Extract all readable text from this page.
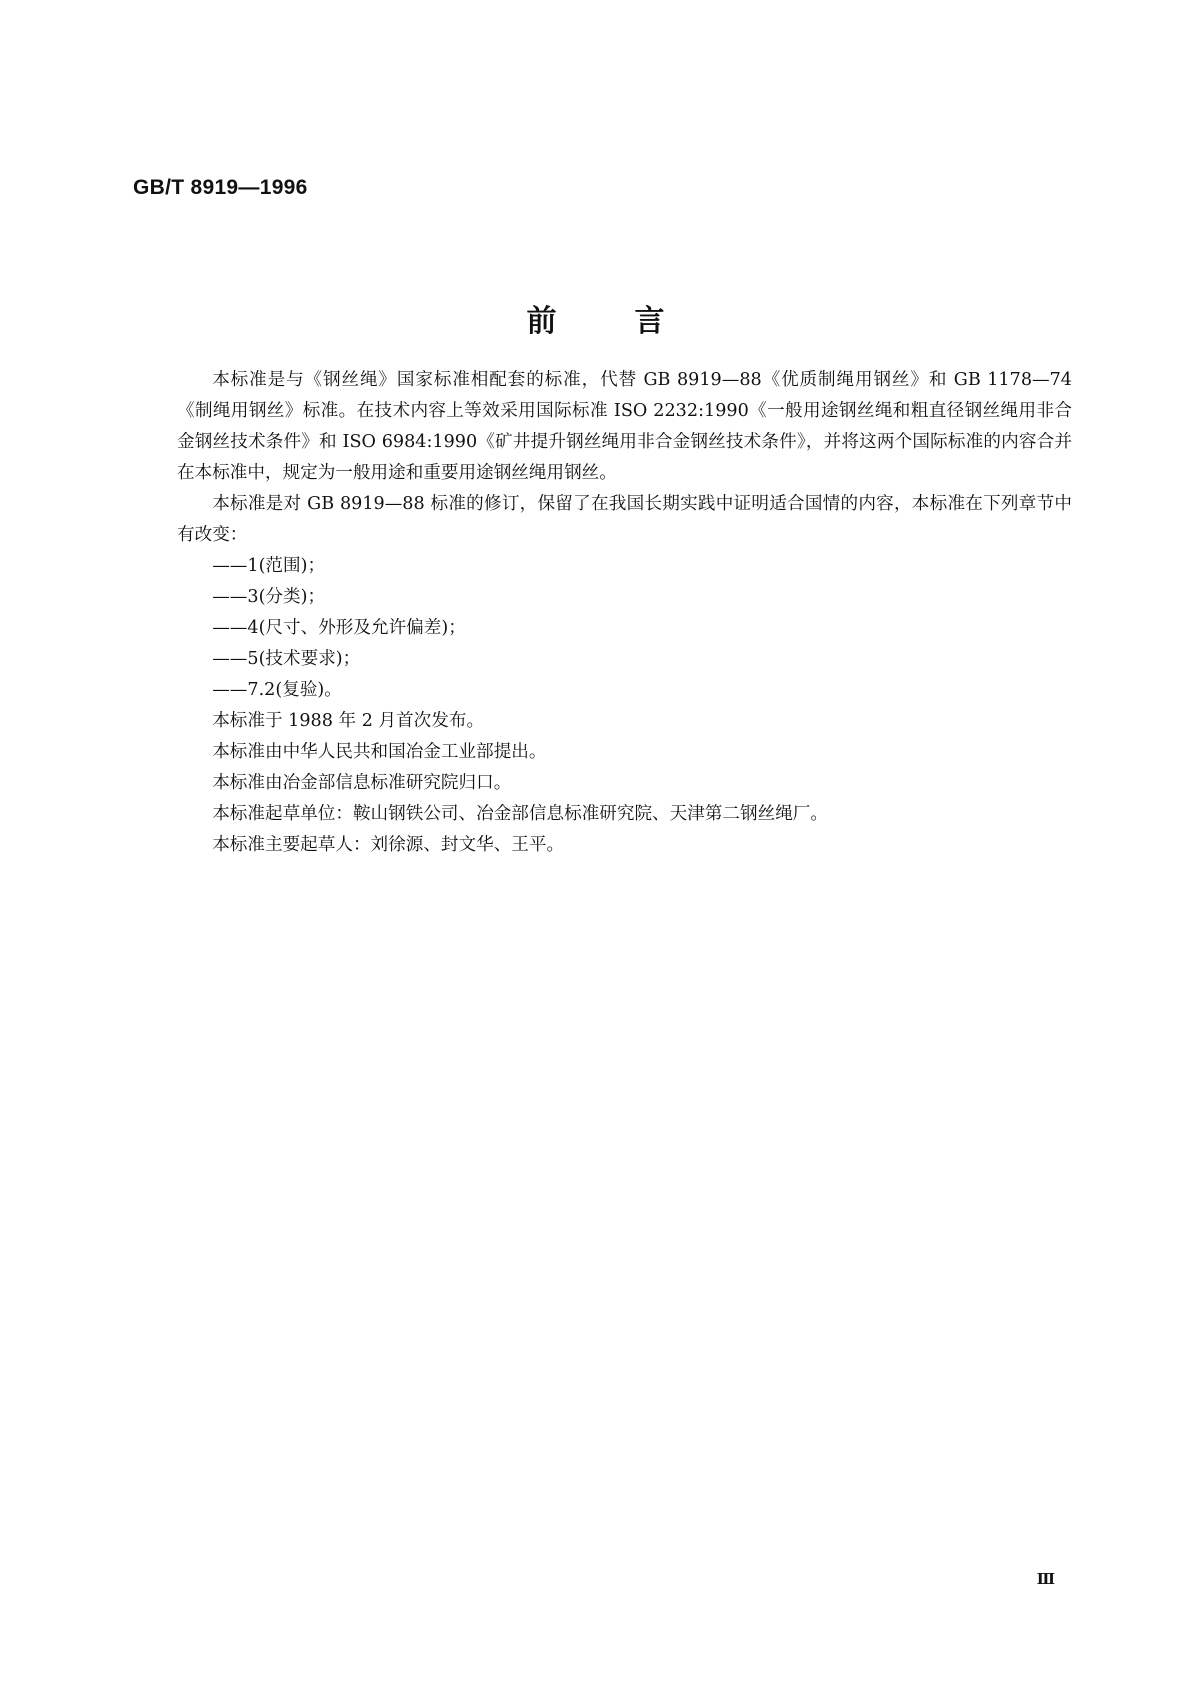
GB/T 8919—1996
前言

本标准是与《钢丝绳》国家标准相配套的标准，代替 GB 8919—88《优质制绳用钢丝》和 GB 1178—74《制绳用钢丝》标准。在技术内容上等效采用国际标准 ISO 2232:1990《一般用途钢丝绳和粗直径钢丝绳用非合金钢丝技术条件》和 ISO 6984:1990《矿井提升钢丝绳用非合金钢丝技术条件》，并将这两个国际标准的内容合并在本标准中，规定为一般用途和重要用途钢丝绳用钢丝。

本标准是对 GB 8919—88 标准的修订，保留了在我国长期实践中证明适合国情的内容，本标准在下列章节中有改变：

——1(范围)；

——3(分类)；

——4(尺寸、外形及允许偏差)；

——5(技术要求)；

——7.2(复验)。

本标准于 1988 年 2 月首次发布。

本标准由中华人民共和国冶金工业部提出。

本标准由冶金部信息标准研究院归口。

本标准起草单位：鞍山钢铁公司、冶金部信息标准研究院、天津第二钢丝绳厂。

本标准主要起草人：刘徐源、封文华、王平。

Ⅲ
